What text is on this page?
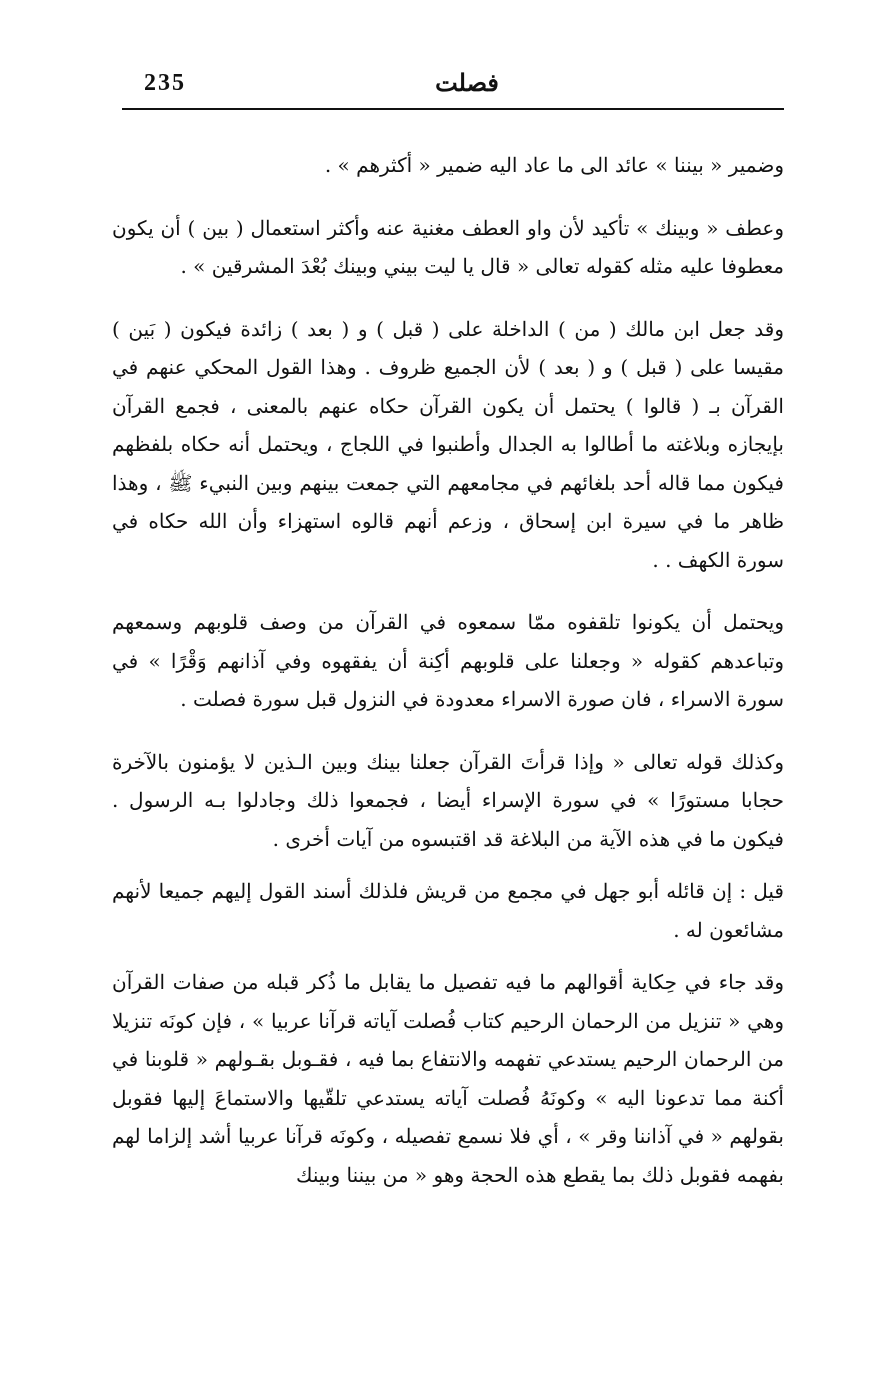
235	فصلت

وضمير « بيننا » عائد الى ما عاد اليه ضمير « أكثرهم » .

وعطف « وبينك » تأكيد لأن واو العطف مغنية عنه وأكثر استعمال ( بين ) أن يكون معطوفا عليه مثله كقوله تعالى « قال يا ليت بيني وبينك بُعْدَ المشرقين » .

وقد جعل ابن مالك ( من ) الداخلة على ( قبل ) و ( بعد ) زائدة فيكون ( بَين ) مقيسا على ( قبل ) و ( بعد ) لأن الجميع ظروف . وهذا القول المحكي عنهم في القرآن بـ ( قالوا ) يحتمل أن يكون القرآن حكاه عنهم بالمعنى ، فجمع القرآن بإيجازه وبلاغته ما أطالوا به الجدال وأطنبوا في اللجاج ، ويحتمل أنه حكاه بلفظهم فيكون مما قاله أحد بلغائهم في مجامعهم التي جمعت بينهم وبين النبيء ﷺ ، وهذا ظاهر ما في سيرة ابن إسحاق ، وزعم أنهم قالوه استهزاء وأن الله حكاه في سورة الكهف . .

ويحتمل أن يكونوا تلقفوه ممّا سمعوه في القرآن من وصف قلوبهم وسمعهم وتباعدهم كقوله « وجعلنا على قلوبهم أكِنة أن يفقهوه وفي آذانهم وَقْرًا » في سورة الاسراء ، فان صورة الاسراء معدودة في النزول قبل سورة فصلت .

وكذلك قوله تعالى « وإذا قرأتَ القرآن جعلنا بينك وبين الـذين لا يؤمنون بالآخرة حجابا مستورًا » في سورة الإسراء أيضا ، فجمعوا ذلك وجادلوا بـه الرسول . فيكون ما في هذه الآية من البلاغة قد اقتبسوه من آيات أخرى .

قيل : إن قائله أبو جهل في مجمع من قريش فلذلك أسند القول إليهم جميعا لأنهم مشائعون له .

وقد جاء في حِكاية أقوالهم ما فيه تفصيل ما يقابل ما ذُكر قبله من صفات القرآن وهي « تنزيل من الرحمان الرحيم كتاب فُصلت آياته قرآنا عربيا » ، فإن كونَه تنزيلا من الرحمان الرحيم يستدعي تفهمه والانتفاع بما فيه ، فقـوبل بقـولهم « قلوبنا في أكنة مما تدعونا اليه » وكونَهُ فُصلت آياته يستدعي تلقّيها والاستماعَ إليها فقوبل بقولهم « في آذاننا وقر » ، أي فلا نسمع تفصيله ، وكونَه قرآنا عربيا أشد إلزاما لهم بفهمه فقوبل ذلك بما يقطع هذه الحجة وهو « من بيننا وبينك
